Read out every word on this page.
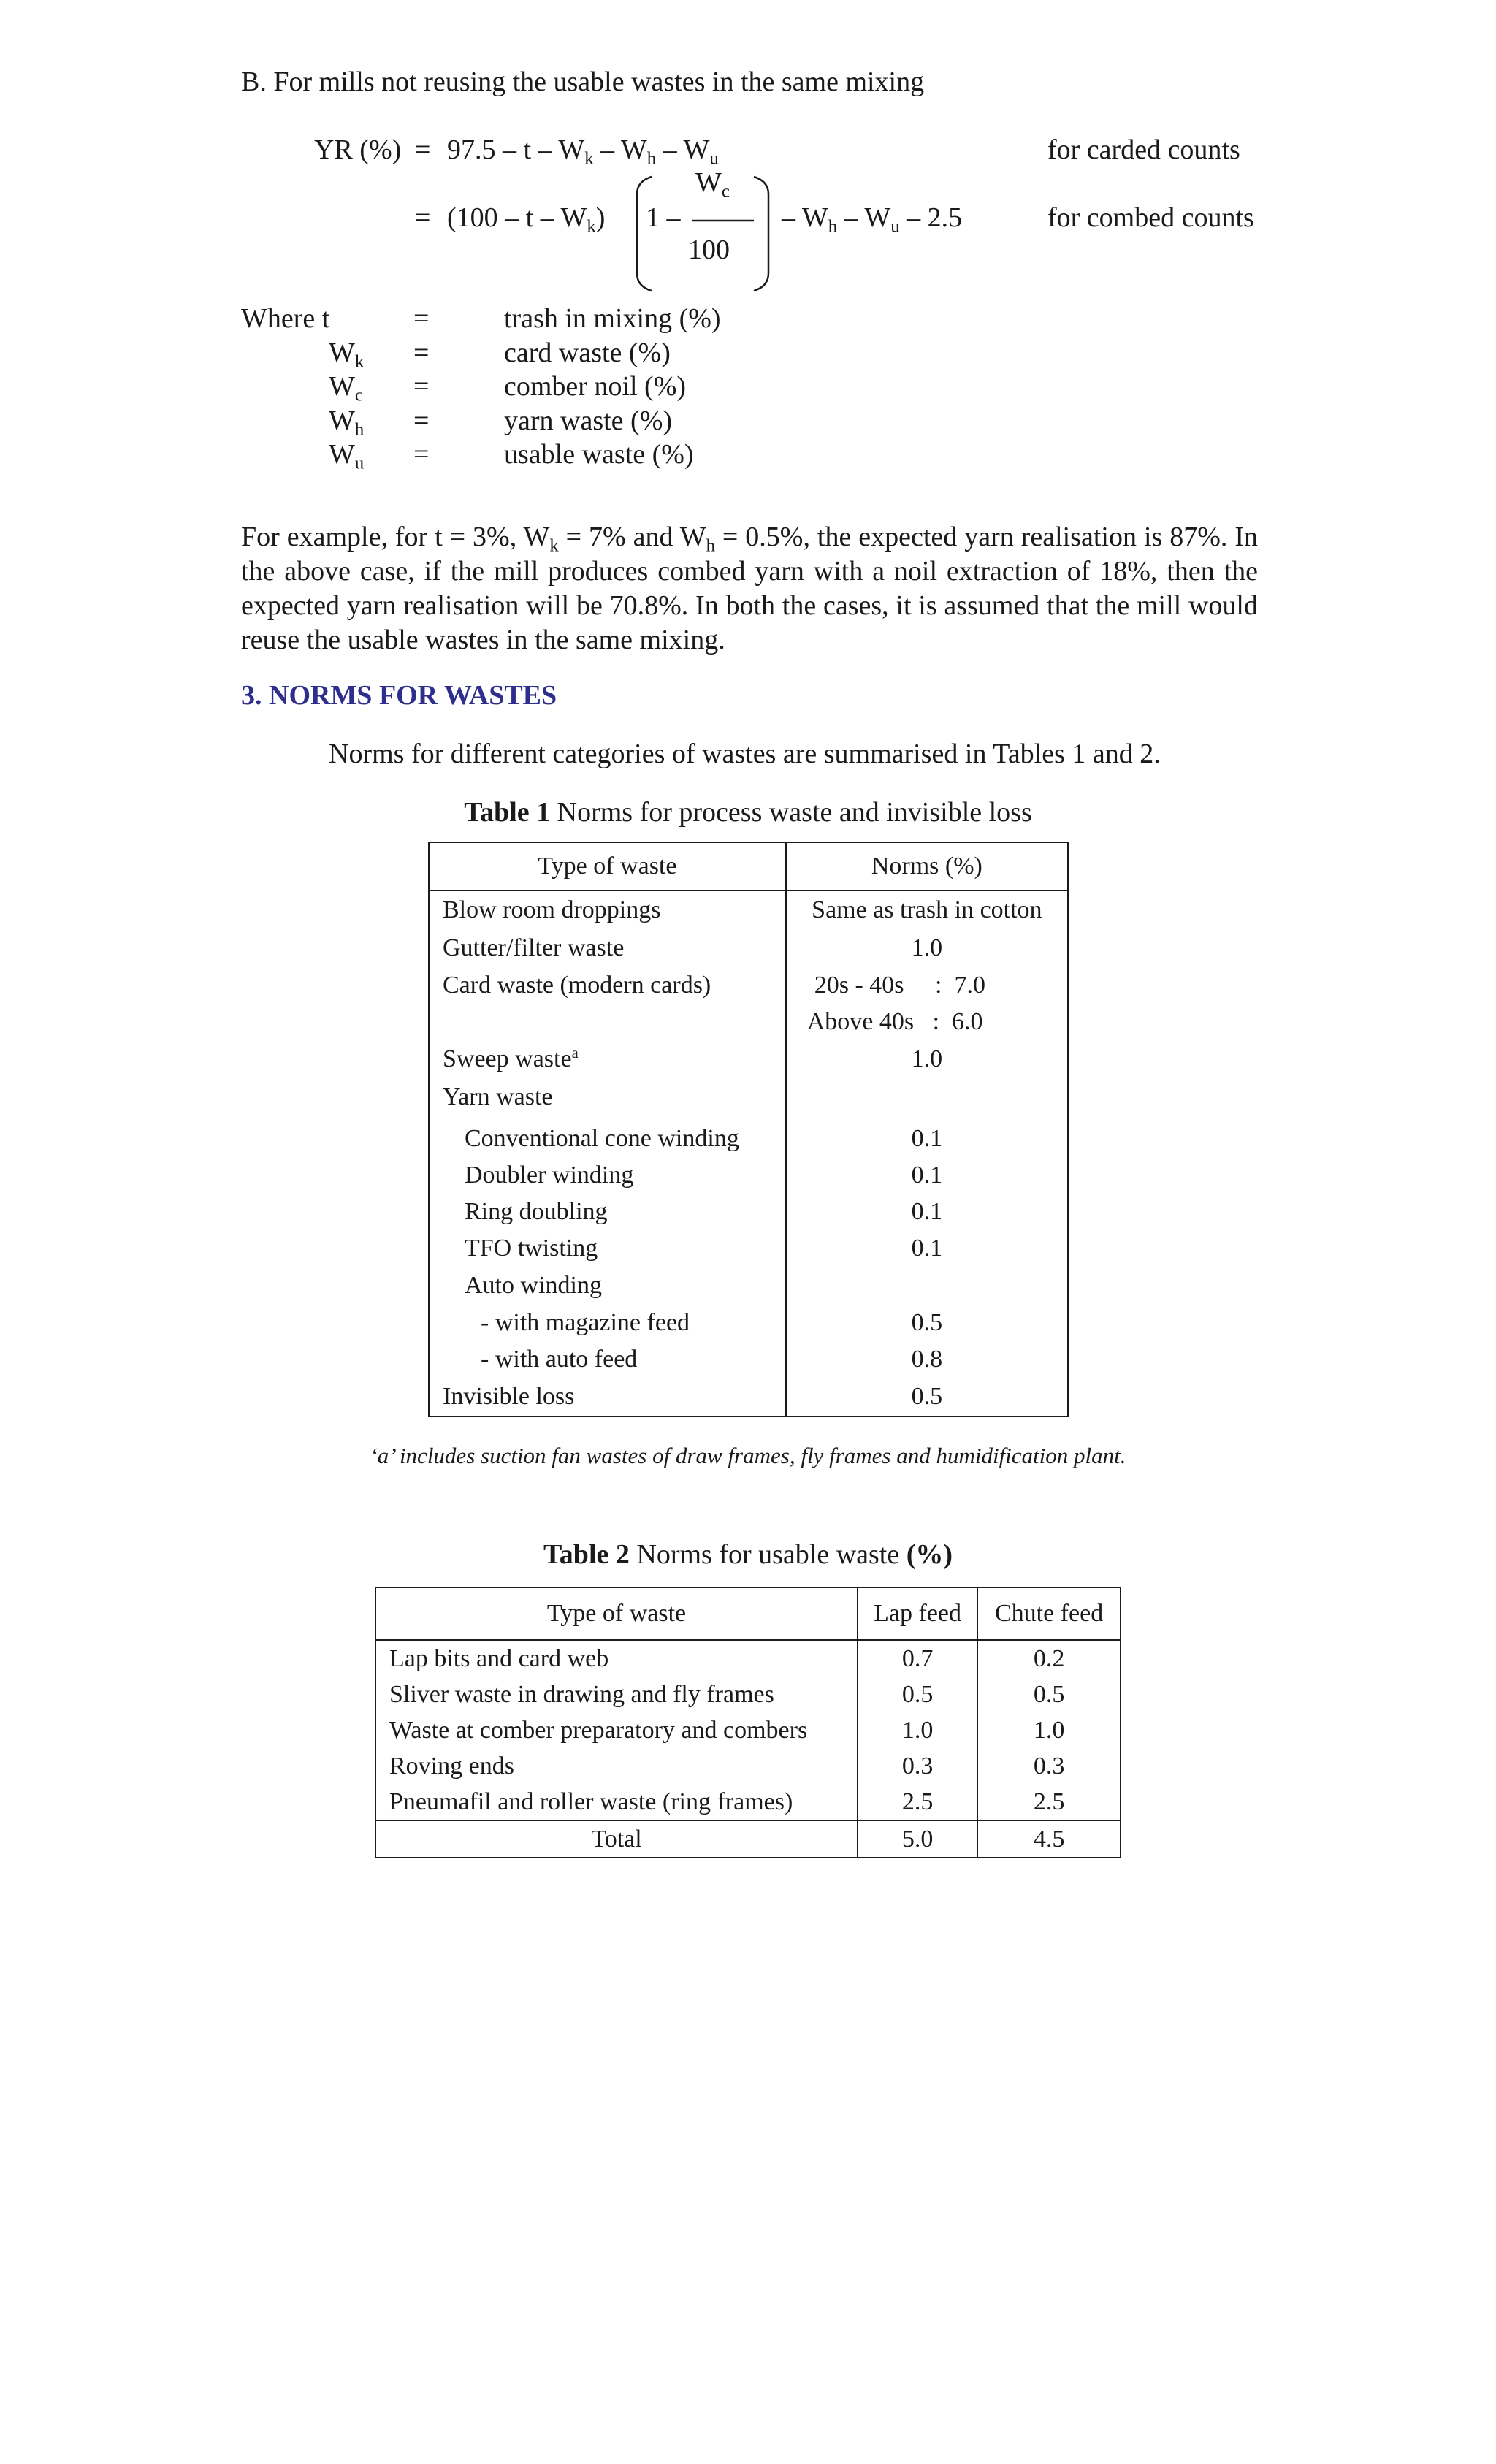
B. For mills not reusing the usable wastes in the same mixing
YR (%) = 97.5 – t – $W_k - W_h - W_u$	for carded counts
= (100 – t – $W_k$) 1 –
$W_c$
100
– $W_h - W_u - 2.5$	for combed counts
Where t	=	trash in mixing (%)
$W_k$ =	card waste (%)
$W_c$ =	comber noil (%)
$W_h$ =	yarn waste (%)
$W_u$ =	usable waste (%)
For example, for t = 3%, $W_k = 7\%$ and $W_h = 0.5\%$, the expected yarn realisation is 87%. In the above case, if the mill produces combed yarn with a noil extraction of 18%, then the expected yarn realisation will be 70.8%. In both the cases, it is assumed that the mill would reuse the usable wastes in the same mixing.
3. NORMS FOR WASTES
Norms for different categories of wastes are summarised in Tables 1 and 2.
Table 1 Norms for process waste and invisible loss
Type of waste	Norms (%)
Blow room droppings	Same as trash in cotton
Gutter/filter waste	1.0
Card waste (modern cards)	20s - 40s     :  7.0
	Above 40s   :  6.0
Sweep waste$^a$	1.0
Yarn waste	
Conventional cone winding	0.1
Doubler winding	0.1
Ring doubling	0.1
TFO twisting	0.1
Auto winding	
- with magazine feed	0.5
- with auto feed	0.8
Invisible loss	0.5
‘a’ includes suction fan wastes of draw frames, fly frames and humidification plant.
Table 2 Norms for usable waste (%)
Type of waste	Lap feed	Chute feed
Lap bits and card web	0.7	0.2
Sliver waste in drawing and fly frames	0.5	0.5
Waste at comber preparatory and combers	1.0	1.0
Roving ends	0.3	0.3
Pneumafil and roller waste (ring frames)	2.5	2.5
Total	5.0	4.5
